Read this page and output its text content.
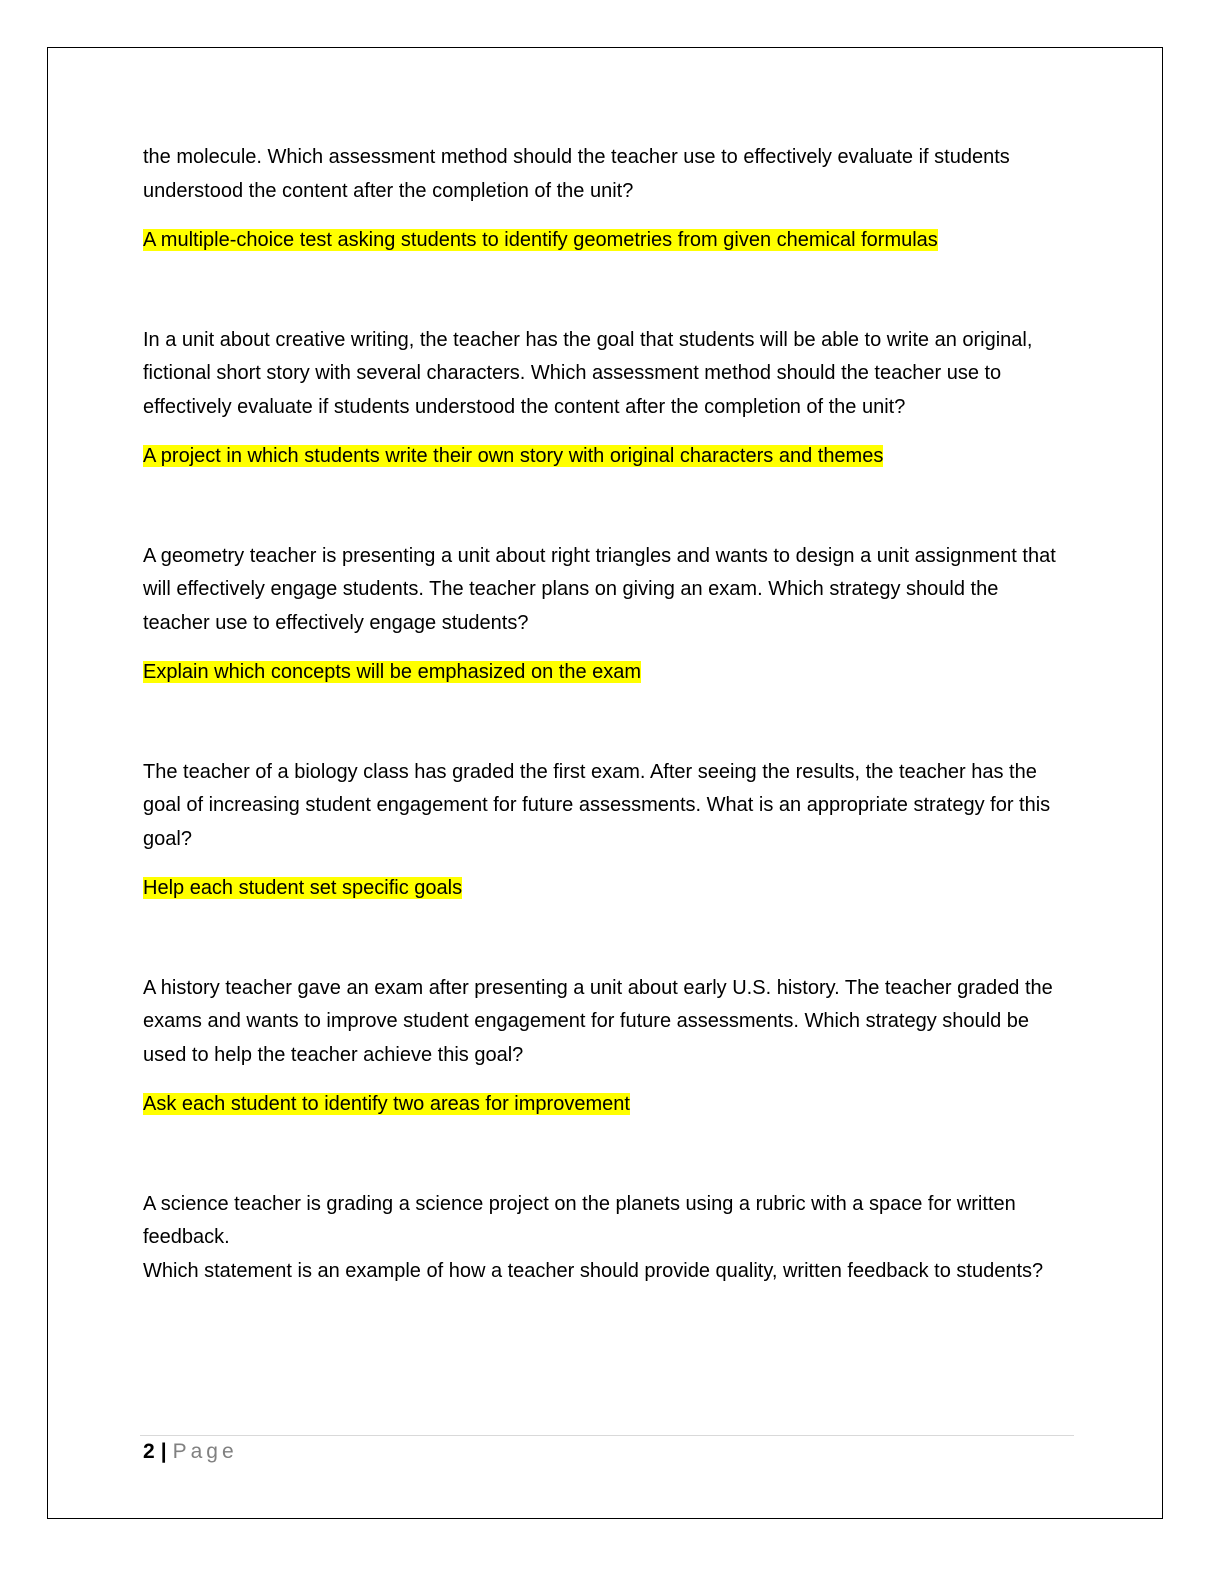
the molecule. Which assessment method should the teacher use to effectively evaluate if students understood the content after the completion of the unit?

A multiple-choice test asking students to identify geometries from given chemical formulas

In a unit about creative writing, the teacher has the goal that students will be able to write an original, fictional short story with several characters. Which assessment method should the teacher use to effectively evaluate if students understood the content after the completion of the unit?

A project in which students write their own story with original characters and themes

A geometry teacher is presenting a unit about right triangles and wants to design a unit assignment that will effectively engage students. The teacher plans on giving an exam. Which strategy should the teacher use to effectively engage students?

Explain which concepts will be emphasized on the exam

The teacher of a biology class has graded the first exam. After seeing the results, the teacher has the goal of increasing student engagement for future assessments. What is an appropriate strategy for this goal?

Help each student set specific goals

A history teacher gave an exam after presenting a unit about early U.S. history. The teacher graded the exams and wants to improve student engagement for future assessments. Which strategy should be used to help the teacher achieve this goal?

Ask each student to identify two areas for improvement

A science teacher is grading a science project on the planets using a rubric with a space for written feedback.

Which statement is an example of how a teacher should provide quality, written feedback to students?

2 | Page
